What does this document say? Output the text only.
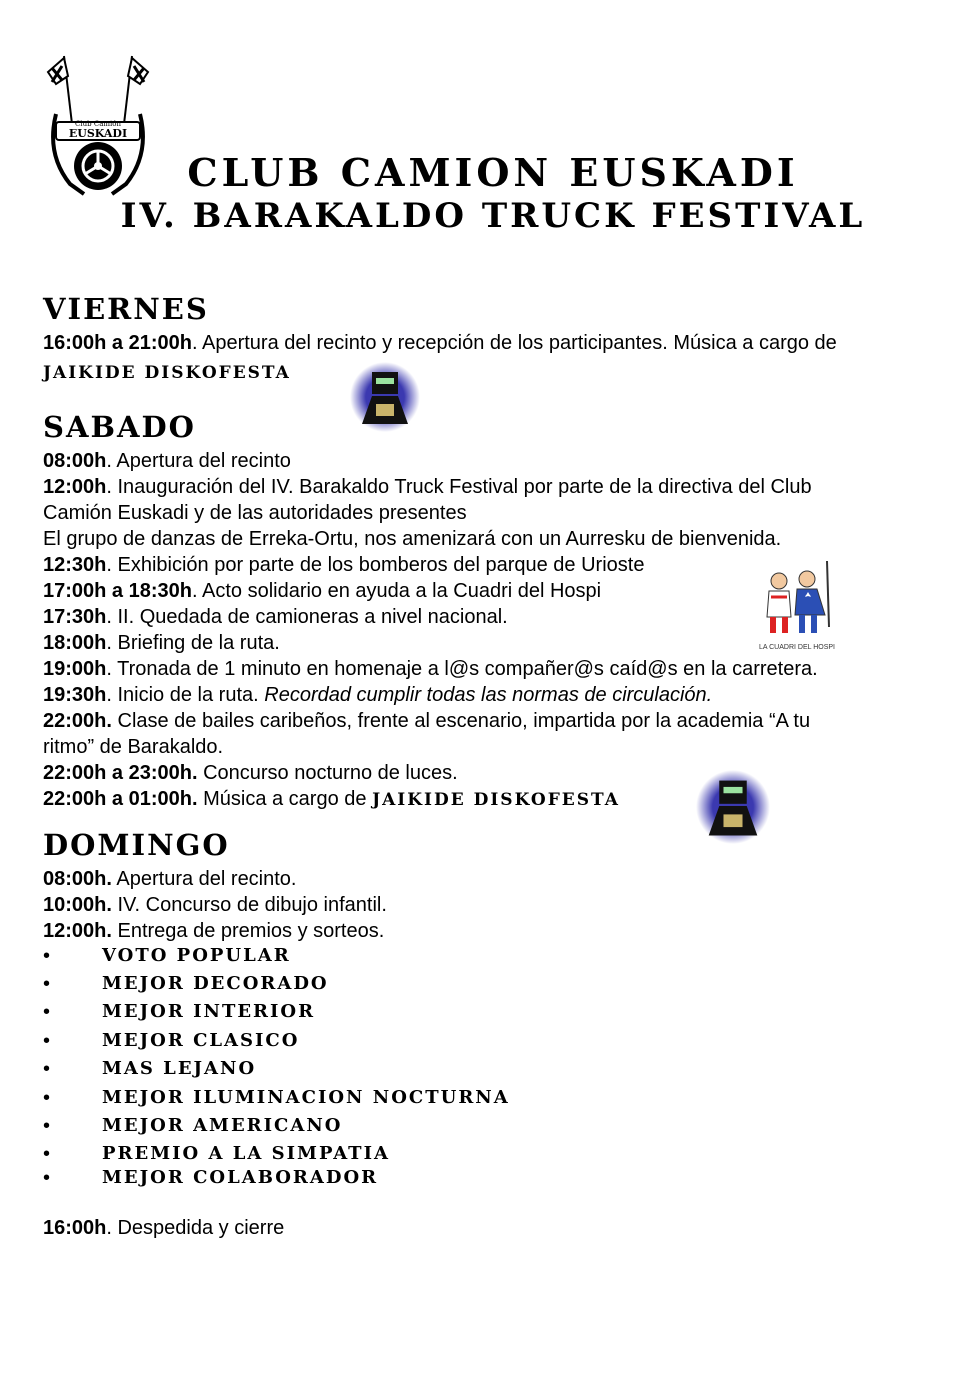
Club Camión
EUSKADI
CLUB CAMION EUSKADI
IV. BARAKALDO TRUCK FESTIVAL
VIERNES
16:00h a 21:00h. Apertura del recinto y recepción de los participantes. Música a cargo de
JAIKIDE DISKOFESTA
SABADO
08:00h. Apertura del recinto
12:00h. Inauguración del IV. Barakaldo Truck Festival por parte de la directiva del Club
Camión Euskadi y de las autoridades presentes
El grupo de danzas de Erreka-Ortu, nos amenizará con un Aurresku de bienvenida.
12:30h. Exhibición por parte de los bomberos del parque de Urioste
17:00h a 18:30h. Acto solidario en ayuda a la Cuadri del Hospi
17:30h. II. Quedada de camioneras a nivel nacional.
18:00h. Briefing de la ruta.
19:00h. Tronada de 1 minuto en homenaje a l@s compañer@s caíd@s en la carretera.
19:30h. Inicio de la ruta. Recordad cumplir todas las normas de circulación.
22:00h. Clase de bailes caribeños, frente al escenario, impartida por la academia “A tu
ritmo” de Barakaldo.
22:00h a 23:00h. Concurso nocturno de luces.
22:00h a 01:00h. Música a cargo de JAIKIDE DISKOFESTA
LA CUADRI DEL HOSPI
DOMINGO
08:00h. Apertura del recinto.
10:00h. IV. Concurso de dibujo infantil.
12:00h. Entrega de premios y sorteos.
•	VOTO POPULAR
•	MEJOR DECORADO
•	MEJOR INTERIOR
•	MEJOR CLASICO
•	MAS LEJANO
•	MEJOR ILUMINACION NOCTURNA
•	MEJOR AMERICANO
•	PREMIO A LA SIMPATIA
•	MEJOR COLABORADOR
16:00h. Despedida y cierre
